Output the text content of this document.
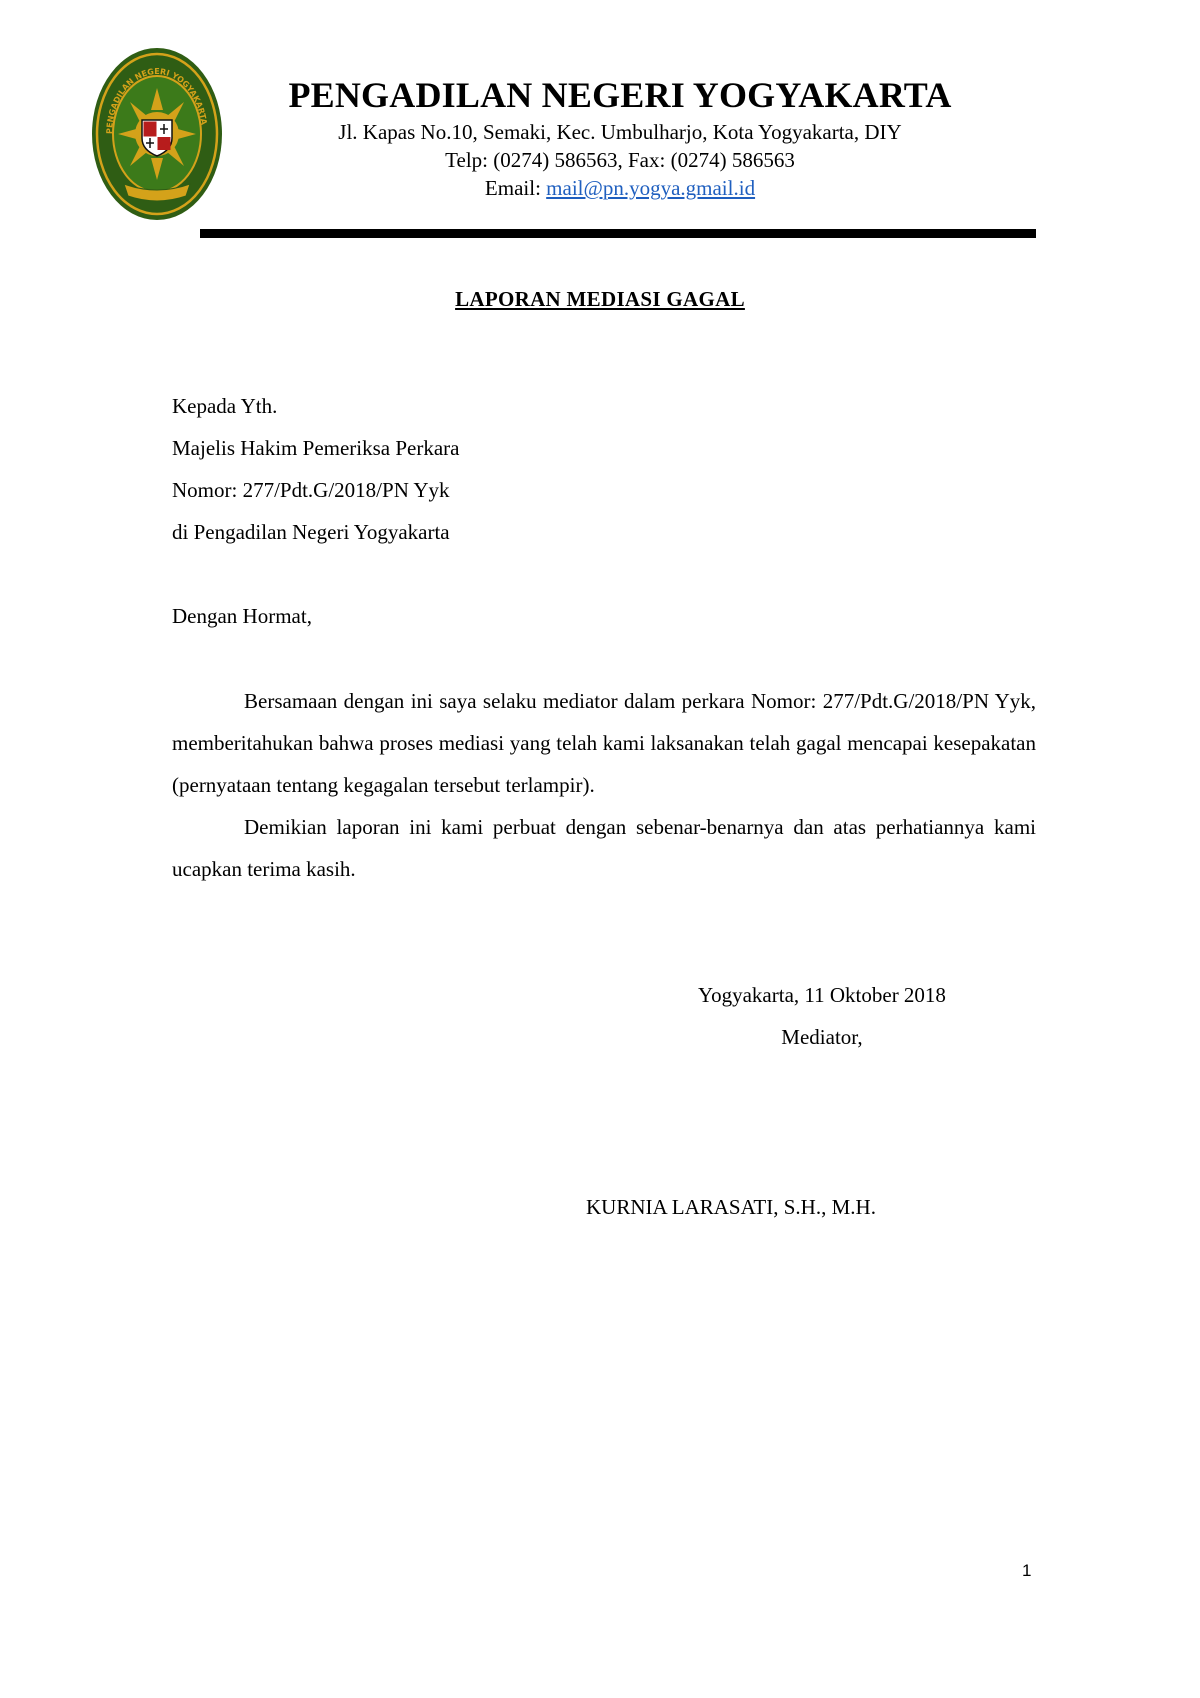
PENGADILAN NEGERI YOGYAKARTA
PENGADILAN NEGERI YOGYAKARTA
Jl. Kapas No.10, Semaki, Kec. Umbulharjo, Kota Yogyakarta, DIY
Telp: (0274) 586563, Fax: (0274) 586563
Email: mail@pn.yogya.gmail.id
LAPORAN MEDIASI GAGAL
Kepada Yth.
Majelis Hakim Pemeriksa Perkara
Nomor: 277/Pdt.G/2018/PN Yyk
di Pengadilan Negeri Yogyakarta
Dengan Hormat,

Bersamaan dengan ini saya selaku mediator dalam perkara Nomor: 277/Pdt.G/2018/PN Yyk, memberitahukan bahwa proses mediasi yang telah kami laksanakan telah gagal mencapai kesepakatan (pernyataan tentang kegagalan tersebut terlampir).

Demikian laporan ini kami perbuat dengan sebenar-benarnya dan atas perhatiannya kami ucapkan terima kasih.

Yogyakarta, 11 Oktober 2018
Mediator,
KURNIA LARASATI, S.H., M.H.
1
